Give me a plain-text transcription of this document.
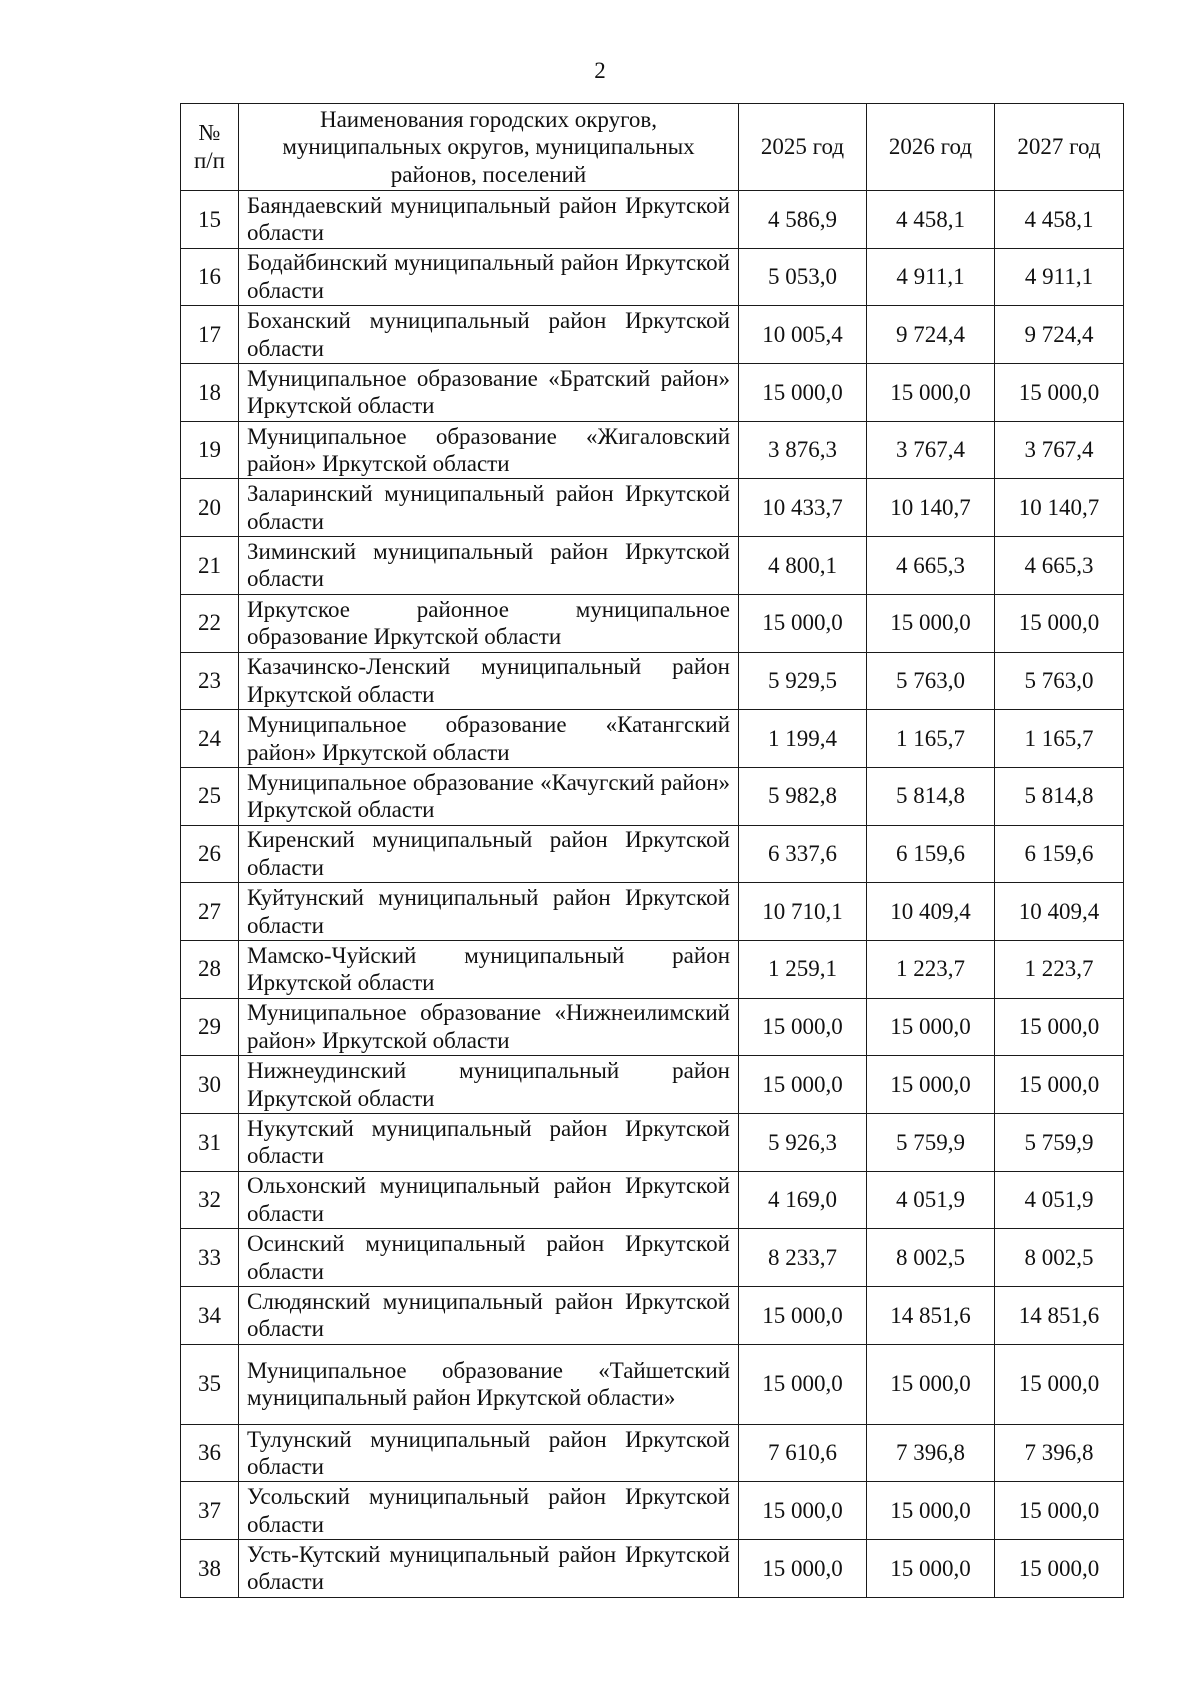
2
№ п/п	Наименования городских округов, муниципальных округов, муниципальных районов, поселений	2025 год	2026 год	2027 год
15	Баяндаевский муниципальный район Иркутской области	4 586,9	4 458,1	4 458,1
16	Бодайбинский муниципальный район Иркутской области	5 053,0	4 911,1	4 911,1
17	Боханский муниципальный район Иркутской области	10 005,4	9 724,4	9 724,4
18	Муниципальное образование «Братский район» Иркутской области	15 000,0	15 000,0	15 000,0
19	Муниципальное образование «Жигаловский район» Иркутской области	3 876,3	3 767,4	3 767,4
20	Заларинский муниципальный район Иркутской области	10 433,7	10 140,7	10 140,7
21	Зиминский муниципальный район Иркутской области	4 800,1	4 665,3	4 665,3
22	Иркутское районное муниципальное образование Иркутской области	15 000,0	15 000,0	15 000,0
23	Казачинско-Ленский муниципальный район Иркутской области	5 929,5	5 763,0	5 763,0
24	Муниципальное образование «Катангский район» Иркутской области	1 199,4	1 165,7	1 165,7
25	Муниципальное образование «Качугский район» Иркутской области	5 982,8	5 814,8	5 814,8
26	Киренский муниципальный район Иркутской области	6 337,6	6 159,6	6 159,6
27	Куйтунский муниципальный район Иркутской области	10 710,1	10 409,4	10 409,4
28	Мамско-Чуйский муниципальный район Иркутской области	1 259,1	1 223,7	1 223,7
29	Муниципальное образование «Нижнеилимский район» Иркутской области	15 000,0	15 000,0	15 000,0
30	Нижнеудинский муниципальный район Иркутской области	15 000,0	15 000,0	15 000,0
31	Нукутский муниципальный район Иркутской области	5 926,3	5 759,9	5 759,9
32	Ольхонский муниципальный район Иркутской области	4 169,0	4 051,9	4 051,9
33	Осинский муниципальный район Иркутской области	8 233,7	8 002,5	8 002,5
34	Слюдянский муниципальный район Иркутской области	15 000,0	14 851,6	14 851,6
35	Муниципальное образование «Тайшетский муниципальный район Иркутской области»	15 000,0	15 000,0	15 000,0
36	Тулунский муниципальный район Иркутской области	7 610,6	7 396,8	7 396,8
37	Усольский муниципальный район Иркутской области	15 000,0	15 000,0	15 000,0
38	Усть-Кутский муниципальный район Иркутской области	15 000,0	15 000,0	15 000,0
